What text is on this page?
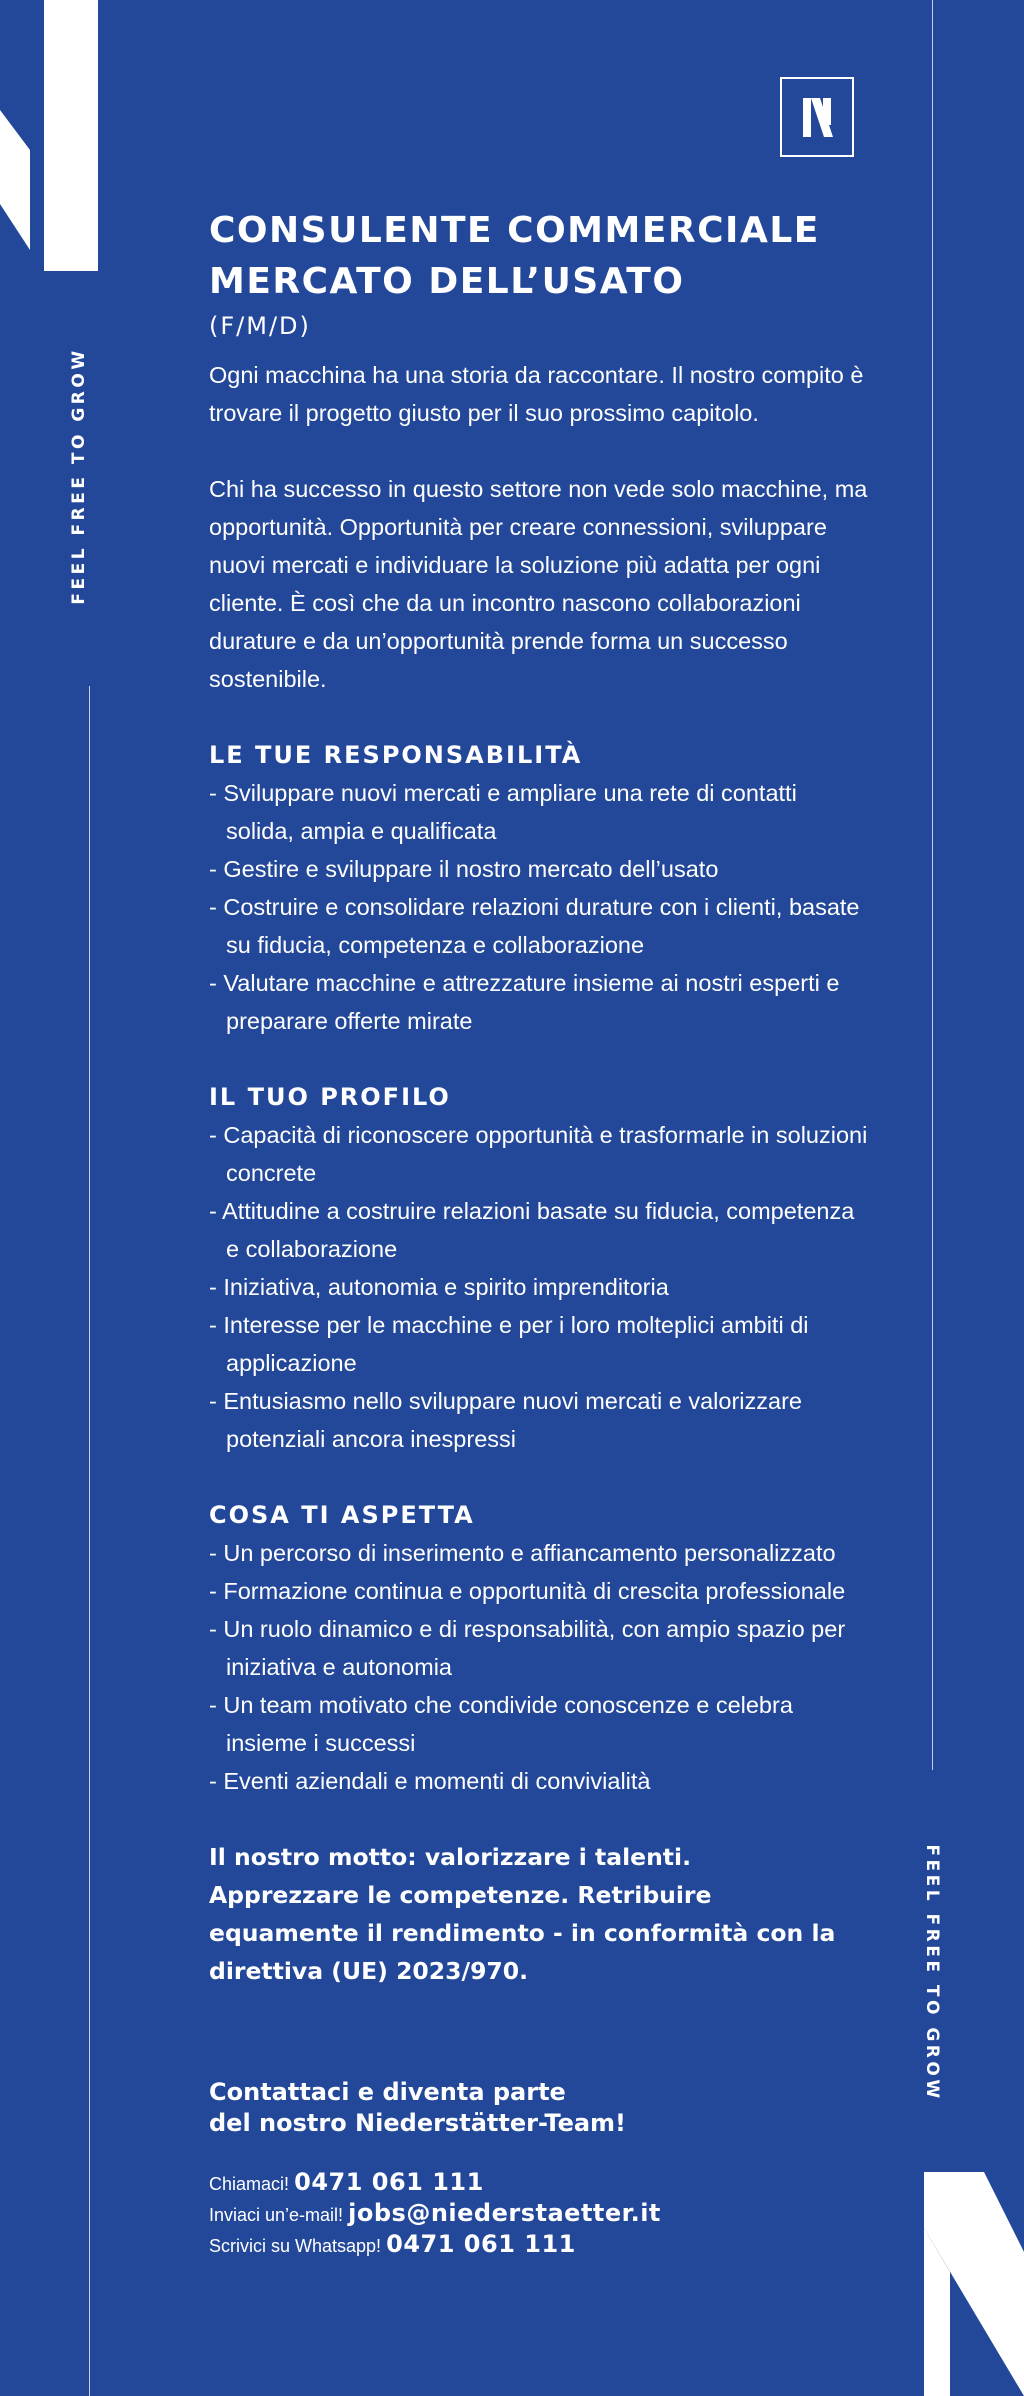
FEEL FREE TO GROW
FEEL FREE TO GROW
CONSULENTE COMMERCIALE
MERCATO DELL’USATO
(F/M/D)

Ogni macchina ha una storia da raccontare. Il nostro compito è trovare il progetto giusto per il suo prossimo capitolo.

Chi ha successo in questo settore non vede solo macchine, ma opportunità. Opportunità per creare connessioni, sviluppare nuovi mercati e individuare la soluzione più adatta per ogni cliente. È così che da un incontro nascono collaborazioni durature e da un’opportunità prende forma un successo sostenibile.

LE TUE RESPONSABILITÀ
- Sviluppare nuovi mercati e ampliare una rete di contatti solida, ampia e qualificata
- Gestire e sviluppare il nostro mercato dell’usato
- Costruire e consolidare relazioni durature con i clienti, basate su fiducia, competenza e collaborazione
- Valutare macchine e attrezzature insieme ai nostri esperti e preparare offerte mirate
IL TUO PROFILO
- Capacità di riconoscere opportunità e trasformarle in soluzioni concrete
- Attitudine a costruire relazioni basate su fiducia, competenza e collaborazione
- Iniziativa, autonomia e spirito imprenditoria
- Interesse per le macchine e per i loro molteplici ambiti di applicazione
- Entusiasmo nello sviluppare nuovi mercati e valorizzare potenziali ancora inespressi
COSA TI ASPETTA
- Un percorso di inserimento e affiancamento personalizzato
- Formazione continua e opportunità di crescita professionale
- Un ruolo dinamico e di responsabilità, con ampio spazio per iniziativa e autonomia
- Un team motivato che condivide conoscenze e celebra insieme i successi
- Eventi aziendali e momenti di convivialità

Il nostro motto: valorizzare i talenti. Apprezzare le competenze. Retribuire equamente il rendimento - in conformità con la direttiva (UE) 2023/970.

Contattaci e diventa parte
del nostro Niederstätter-Team!
Chiamaci! 0471 061 111
Inviaci un’e-mail! jobs@niederstaetter.it
Scrivici su Whatsapp! 0471 061 111
